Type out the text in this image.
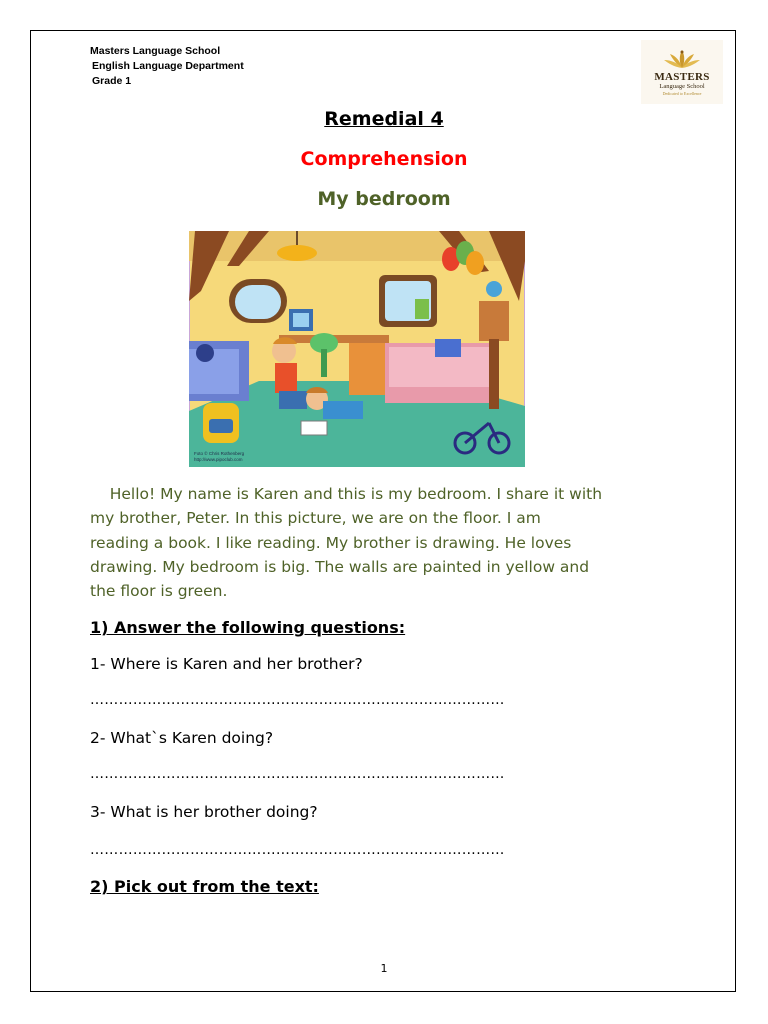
Masters Language School
English Language Department
Grade 1	MASTERS
Language School
Dedicated to Excellence
Remedial 4
Comprehension
My bedroom
Foto © Chris Rothenberg
http://www.pipoclub.com
Hello! My name is Karen and this is my bedroom. I share it with
my brother, Peter. In this picture, we are on the floor. I am
reading a book. I like reading. My brother is drawing. He loves
drawing. My bedroom is big. The walls are painted in yellow and
the floor is green.
1) Answer the following questions:
1- Where is Karen and her brother?
……………………………………………………………………………
2- What`s Karen doing?
……………………………………………………………………………
3- What is her brother doing?
……………………………………………………………………………
2) Pick out from the text:
1
